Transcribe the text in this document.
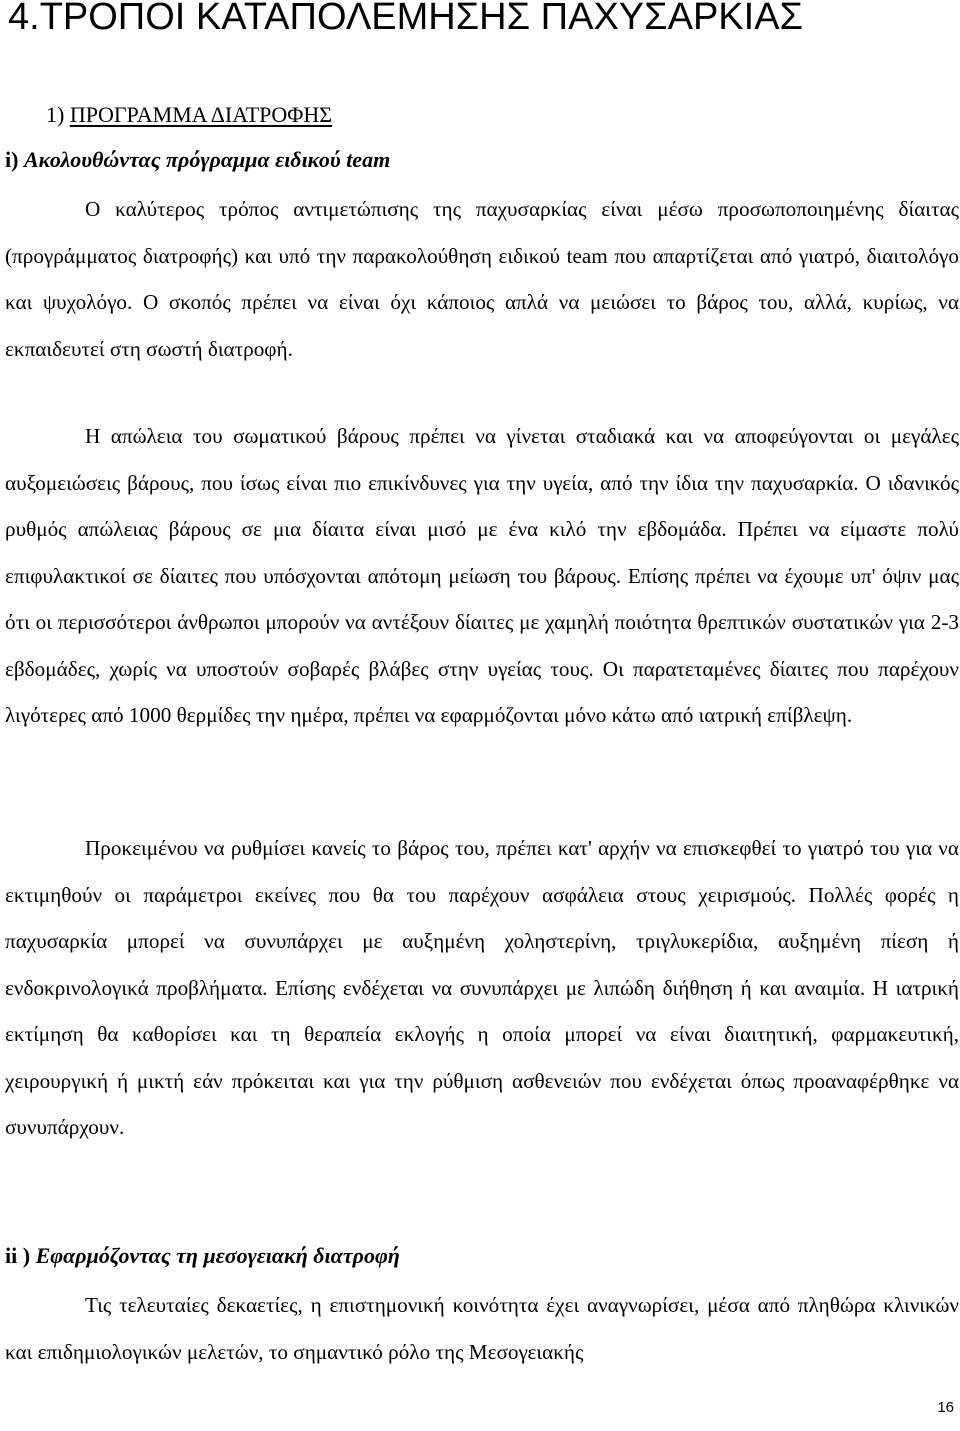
4.ΤΡΟΠΟΙ ΚΑΤΑΠΟΛΕΜΗΣΗΣ ΠΑΧΥΣΑΡΚΙΑΣ
1) ΠΡΟΓΡΑΜΜΑ ΔΙΑΤΡΟΦΗΣ
i) Ακολουθώντας πρόγραμμα ειδικού team

Ο καλύτερος τρόπος αντιμετώπισης της παχυσαρκίας είναι μέσω προσωποποιημένης δίαιτας (προγράμματος διατροφής) και υπό την παρακολούθηση ειδικού team που απαρτίζεται από γιατρό, διαιτολόγο και ψυχολόγο. Ο σκοπός πρέπει να είναι όχι κάποιος απλά να μειώσει το βάρος του, αλλά, κυρίως, να εκπαιδευτεί στη σωστή διατροφή.

Η απώλεια του σωματικού βάρους πρέπει να γίνεται σταδιακά και να αποφεύγονται οι μεγάλες αυξομειώσεις βάρους, που ίσως είναι πιο επικίνδυνες για την υγεία, από την ίδια την παχυσαρκία. Ο ιδανικός ρυθμός απώλειας βάρους σε μια δίαιτα είναι μισό με ένα κιλό την εβδομάδα. Πρέπει να είμαστε πολύ επιφυλακτικοί σε δίαιτες που υπόσχονται απότομη μείωση του βάρους. Επίσης πρέπει να έχουμε υπ' όψιν μας ότι οι περισσότεροι άνθρωποι μπορούν να αντέξουν δίαιτες με χαμηλή ποιότητα θρεπτικών συστατικών για 2-3 εβδομάδες, χωρίς να υποστούν σοβαρές βλάβες στην υγείας τους. Οι παρατεταμένες δίαιτες που παρέχουν λιγότερες από 1000 θερμίδες την ημέρα, πρέπει να εφαρμόζονται μόνο κάτω από ιατρική επίβλεψη.

Προκειμένου να ρυθμίσει κανείς το βάρος του, πρέπει κατ' αρχήν να επισκεφθεί το γιατρό του για να εκτιμηθούν οι παράμετροι εκείνες που θα του παρέχουν ασφάλεια στους χειρισμούς. Πολλές φορές η παχυσαρκία μπορεί να συνυπάρχει με αυξημένη χοληστερίνη, τριγλυκερίδια, αυξημένη πίεση ή ενδοκρινολογικά προβλήματα. Επίσης ενδέχεται να συνυπάρχει με λιπώδη διήθηση ή και αναιμία. Η ιατρική εκτίμηση θα καθορίσει και τη θεραπεία εκλογής η οποία μπορεί να είναι διαιτητική, φαρμακευτική, χειρουργική ή μικτή εάν πρόκειται και για την ρύθμιση ασθενειών που ενδέχεται όπως προαναφέρθηκε να συνυπάρχουν.

ii ) Εφαρμόζοντας τη μεσογειακή διατροφή

Τις τελευταίες δεκαετίες, η επιστημονική κοινότητα έχει αναγνωρίσει, μέσα από πληθώρα κλινικών και επιδημιολογικών μελετών, το σημαντικό ρόλο της Μεσογειακής

16
